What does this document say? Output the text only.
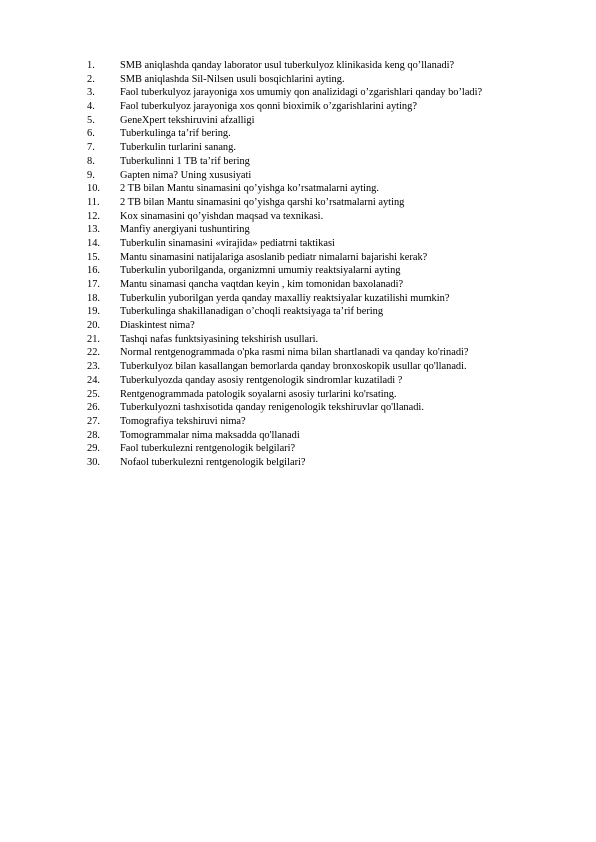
1.	SMB aniqlashda qanday laborator usul tuberkulyoz klinikasida keng qo’llanadi?
2.	SMB aniqlashda Sil-Nilsen usuli bosqichlarini ayting.
3.	Faol tuberkulyoz jarayoniga xos umumiy qon analizidagi o’zgarishlari qanday bo’ladi?
4.	Faol tuberkulyoz jarayoniga xos qonni bioximik o’zgarishlarini ayting?
5.	GeneXpert tekshiruvini afzalligi
6.	Tuberkulinga ta’rif bering.
7.	Tuberkulin turlarini sanang.
8.	Tuberkulinni 1 TB ta’rif bering
9.	Gapten nima? Uning xususiyati
10.	2 TB bilan Mantu sinamasini qo’yishga ko’rsatmalarni ayting.
11.	2 TB bilan Mantu sinamasini qo’yishga qarshi ko’rsatmalarni ayting
12.	Kox sinamasini qo’yishdan maqsad va texnikasi.
13.	Manfiy anergiyani tushuntiring
14.	Tuberkulin sinamasini «virajida» pediatrni taktikasi
15.	Mantu sinamasini natijalariga asoslanib pediatr nimalarni bajarishi kerak?
16.	Tuberkulin yuborilganda, organizmni umumiy reaktsiyalarni ayting
17.	Mantu sinamasi qancha vaqtdan keyin , kim tomonidan baxolanadi?
18.	Tuberkulin yuborilgan yerda qanday maxalliy reaktsiyalar kuzatilishi mumkin?
19.	Tuberkulinga shakillanadigan o’choqli reaktsiyaga ta’rif bering
20.	Diaskintest nima?
21.	Tashqi nafas funktsiyasining tekshirish usullari.
22.	Normal rentgenogrammada o'pka rasmi nima bilan shartlanadi va qanday ko'rinadi?
23.	Tuberkulyoz bilan kasallangan bemorlarda qanday bronxoskopik usullar qo'llanadi.
24.	Tuberkulyozda qanday asosiy rentgenologik sindromlar kuzatiladi ?
25.	Rentgenogrammada patologik soyalarni asosiy turlarini ko'rsating.
26.	Tuberkulyozni tashxisotida qanday renigenologik tekshiruvlar qo'llanadi.
27.	Tomografiya tekshiruvi nima?
28.	Tomogrammalar nima maksadda qo'llanadi
29.	Faol tuberkulezni rentgenologik belgilari?
30.	Nofaol tuberkulezni rentgenologik belgilari?
